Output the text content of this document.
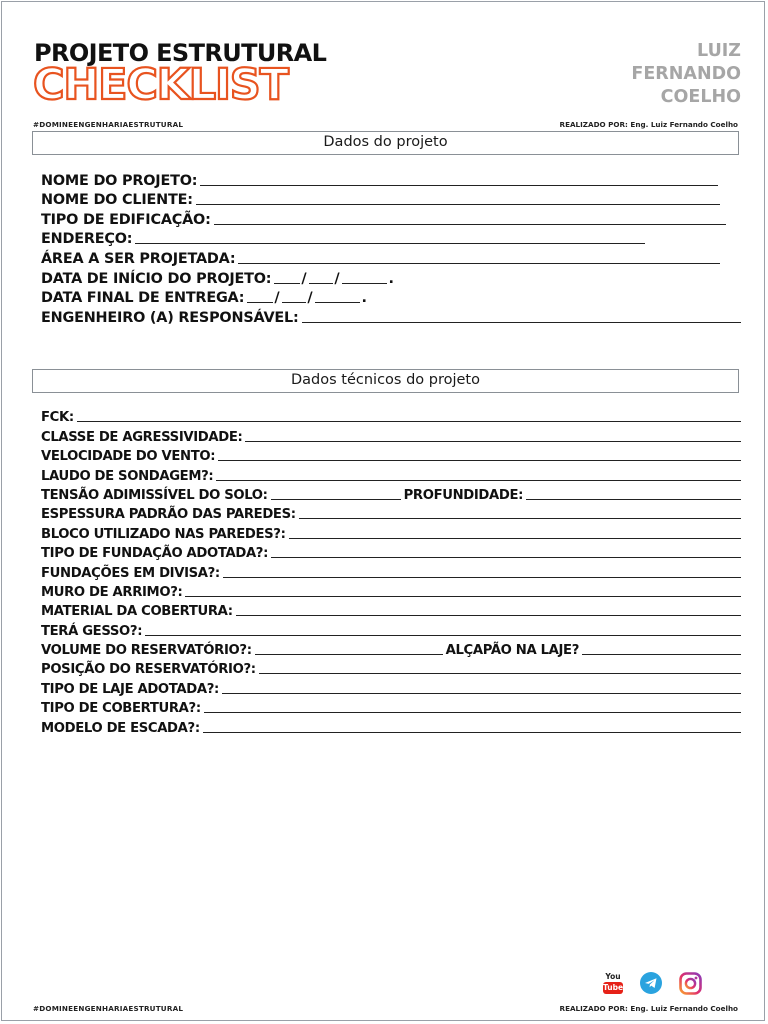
PROJETO ESTRUTURAL
CHECKLIST
LUIZ
FERNANDO
COELHO
#DOMINEENGENHARIAESTRUTURAL	REALIZADO POR: Eng. Luiz Fernando Coelho
Dados do projeto
NOME DO PROJETO:
NOME DO CLIENTE:
TIPO DE EDIFICAÇÃO:
ENDEREÇO:
ÁREA A SER PROJETADA:
DATA DE INÍCIO DO PROJETO: / /	.
DATA FINAL DE ENTREGA: / /	.
ENGENHEIRO (A) RESPONSÁVEL:
Dados técnicos do projeto
FCK:
CLASSE DE AGRESSIVIDADE:
VELOCIDADE DO VENTO:
LAUDO DE SONDAGEM?:
TENSÃO ADIMISSÍVEL DO SOLO:	PROFUNDIDADE:
ESPESSURA PADRÃO DAS PAREDES:
BLOCO UTILIZADO NAS PAREDES?:
TIPO DE FUNDAÇÃO ADOTADA?:
FUNDAÇÕES EM DIVISA?:
MURO DE ARRIMO?:
MATERIAL DA COBERTURA:
TERÁ GESSO?:
VOLUME DO RESERVATÓRIO?:	ALÇAPÃO NA LAJE?
POSIÇÃO DO RESERVATÓRIO?:
TIPO DE LAJE ADOTADA?:
TIPO DE COBERTURA?:
MODELO DE ESCADA?:
You
Tube
#DOMINEENGENHARIAESTRUTURAL	REALIZADO POR: Eng. Luiz Fernando Coelho
